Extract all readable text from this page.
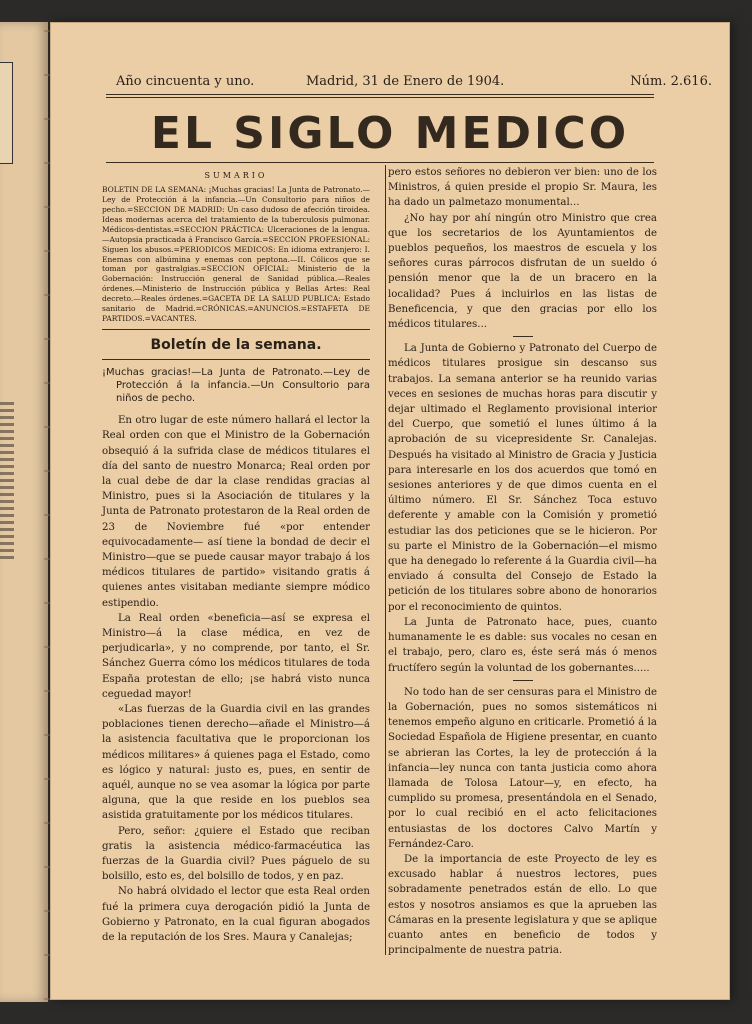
Año cincuenta y uno.	Madrid, 31 de Enero de 1904.	Núm. 2.616.
EL SIGLO MEDICO
SUMARIO
BOLETIN DE LA SEMANA: ¡Muchas gracias! La Junta de Patronato.—Ley de Protección á la infancia.—Un Consultorio para niños de pecho.=SECCION DE MADRID: Un caso dudoso de afección tiroidea. Ideas modernas acerca del tratamiento de la tuberculosis pulmonar. Médicos-dentistas.=SECCION PRÁCTICA: Ulceraciones de la lengua.—Autopsia practicada á Francisco García.=SECCION PROFESIONAL: Siguen los abusos.=PERIODICOS MEDICOS: En idioma extranjero: I. Enemas con albúmina y enemas con peptona.—II. Cólicos que se toman por gastralgias.=SECCION OFICIAL: Ministerio de la Gobernación: Instrucción general de Sanidad pública.—Reales órdenes.—Ministerio de Instrucción pública y Bellas Artes: Real decreto.—Reales órdenes.=GACETA DE LA SALUD PUBLICA: Estado sanitario de Madrid.=CRÓNICAS.=ANUNCIOS.=ESTAFETA DE PARTIDOS.=VACANTES.
Boletín de la semana.
¡Muchas gracias!—La Junta de Patronato.—Ley de Protección á la infancia.—Un Consultorio para niños de pecho.

En otro lugar de este número hallará el lector la Real orden con que el Ministro de la Gobernación obsequió á la sufrida clase de médicos titulares el día del santo de nuestro Monarca; Real orden por la cual debe de dar la clase rendidas gracias al Ministro, pues si la Asociación de titulares y la Junta de Patronato protestaron de la Real orden de 23 de Noviembre fué «por entender equivocadamente— así tiene la bondad de decir el Ministro—que se puede causar mayor trabajo á los médicos titulares de partido» visitando gratis á quienes antes visitaban mediante siempre módico estipendio.

La Real orden «beneficia—así se expresa el Ministro—á la clase médica, en vez de perjudicarla», y no comprende, por tanto, el Sr. Sánchez Guerra cómo los médicos titulares de toda España protestan de ello; ¡se habrá visto nunca ceguedad mayor!

«Las fuerzas de la Guardia civil en las grandes poblaciones tienen derecho—añade el Ministro—á la asistencia facultativa que le proporcionan los médicos militares» á quienes paga el Estado, como es lógico y natural: justo es, pues, en sentir de aquél, aunque no se vea asomar la lógica por parte alguna, que la que reside en los pueblos sea asistida gratuitamente por los médicos titulares.

Pero, señor: ¿quiere el Estado que reciban gratis la asistencia médico-farmacéutica las fuerzas de la Guardia civil? Pues páguelo de su bolsillo, esto es, del bolsillo de todos, y en paz.

No habrá olvidado el lector que esta Real orden fué la primera cuya derogación pidió la Junta de Gobierno y Patronato, en la cual figuran abogados de la reputación de los Sres. Maura y Canalejas;

pero estos señores no debieron ver bien: uno de los Ministros, á quien preside el propio Sr. Maura, les ha dado un palmetazo monumental...

¿No hay por ahí ningún otro Ministro que crea que los secretarios de los Ayuntamientos de pueblos pequeños, los maestros de escuela y los señores curas párrocos disfrutan de un sueldo ó pensión menor que la de un bracero en la localidad? Pues á incluirlos en las listas de Beneficencia, y que den gracias por ello los médicos titulares...

La Junta de Gobierno y Patronato del Cuerpo de médicos titulares prosigue sin descanso sus trabajos. La semana anterior se ha reunido varias veces en sesiones de muchas horas para discutir y dejar ultimado el Reglamento provisional interior del Cuerpo, que sometió el lunes último á la aprobación de su vicepresidente Sr. Canalejas. Después ha visitado al Ministro de Gracia y Justicia para interesarle en los dos acuerdos que tomó en sesiones anteriores y de que dimos cuenta en el último número. El Sr. Sánchez Toca estuvo deferente y amable con la Comisión y prometió estudiar las dos peticiones que se le hicieron. Por su parte el Ministro de la Gobernación—el mismo que ha denegado lo referente á la Guardia civil—ha enviado á consulta del Consejo de Estado la petición de los titulares sobre abono de honorarios por el reconocimiento de quintos.

La Junta de Patronato hace, pues, cuanto humanamente le es dable: sus vocales no cesan en el trabajo, pero, claro es, éste será más ó menos fructífero según la voluntad de los gobernantes.....

No todo han de ser censuras para el Ministro de la Gobernación, pues no somos sistemáticos ni tenemos empeño alguno en criticarle. Prometió á la Sociedad Española de Higiene presentar, en cuanto se abrieran las Cortes, la ley de protección á la infancia—ley nunca con tanta justicia como ahora llamada de Tolosa Latour—y, en efecto, ha cumplido su promesa, presentándola en el Senado, por lo cual recibió en el acto felicitaciones entusiastas de los doctores Calvo Martín y Fernández-Caro.

De la importancia de este Proyecto de ley es excusado hablar á nuestros lectores, pues sobradamente penetrados están de ello. Lo que estos y nosotros ansiamos es que la aprueben las Cámaras en la presente legislatura y que se aplique cuanto antes en beneficio de todos y principalmente de nuestra patria.
